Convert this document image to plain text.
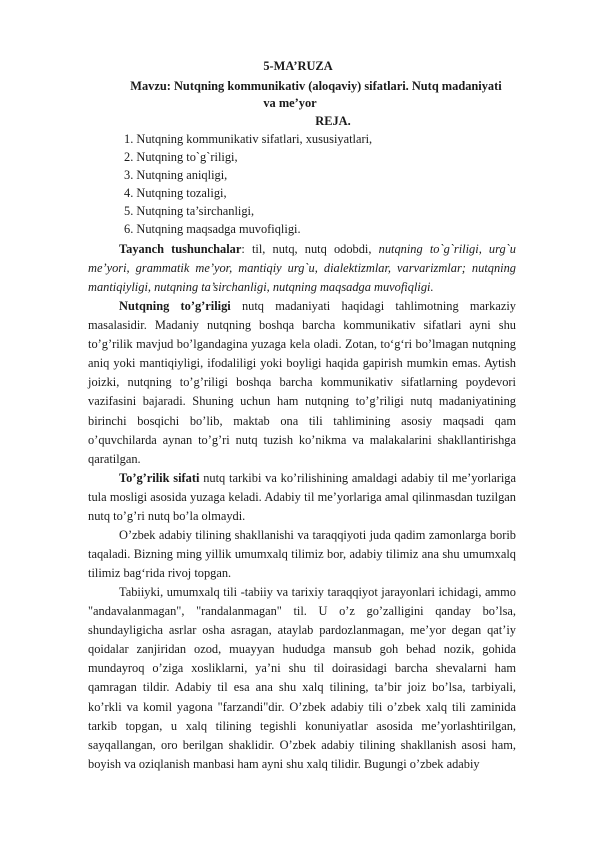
5-MA’RUZA
Mavzu: Nutqning kommunikativ (aloqaviy) sifatlari. Nutq madaniyati
va me’yor
REJA.
1. Nutqning kommunikativ sifatlari, xususiyatlari,
2. Nutqning to`g`riligi,
3. Nutqning aniqligi,
4. Nutqning tozaligi,
5. Nutqning ta’sirchanligi,
6. Nutqning maqsadga muvofiqligi.

Tayanch tushunchalar: til, nutq, nutq odobdi, nutqning to`g`riligi, urg`u me’yori, grammatik me’yor, mantiqiy urg`u, dialektizmlar, varvarizmlar; nutqning mantiqiyligi, nutqning ta’sirchanligi, nutqning maqsadga muvofiqligi.

Nutqning to’g’riligi nutq madaniyati haqidagi tahlimotning markaziy masalasidir. Madaniy nutqning boshqa barcha kommunikativ sifatlari ayni shu to’g’rilik mavjud bo’lgandagina yuzaga kela oladi. Zotan, to‘g‘ri bo’lmagan nutqning aniq yoki mantiqiyligi, ifodaliligi yoki boyligi haqida gapirish mumkin emas. Aytish joizki, nutqning to’g’riligi boshqa barcha kommunikativ sifatlarning poydevori vazifasini bajaradi. Shuning uchun ham nutqning to’g’riligi nutq madaniyatining birinchi bosqichi bo’lib, maktab ona tili tahlimining asosiy maqsadi qam o’quvchilarda aynan to’g’ri nutq tuzish ko’nikma va malakalarini shakllantirishga qaratilgan.

To’g’rilik sifati nutq tarkibi va ko’rilishining amaldagi adabiy til me’yorlariga tula mosligi asosida yuzaga keladi. Adabiy til me’yorlariga amal qilinmasdan tuzilgan nutq to’g’ri nutq bo’la olmaydi.

O’zbek adabiy tilining shakllanishi va taraqqiyoti juda qadim zamonlarga borib taqaladi. Bizning ming yillik umumxalq tilimiz bor, adabiy tilimiz ana shu umumxalq tilimiz bag‘rida rivoj topgan.

Tabiiyki, umumxalq tili -tabiiy va tarixiy taraqqiyot jarayonlari ichidagi, ammo "andavalanmagan", "randalanmagan" til. U o’z go’zalligini qanday bo’lsa, shundayligicha asrlar osha asragan, ataylab pardozlanmagan, me’yor degan qat’iy qoidalar zanjiridan ozod, muayyan hududga mansub goh behad nozik, gohida mundayroq o’ziga xosliklarni, ya’ni shu til doirasidagi barcha shevalarni ham qamragan tildir. Adabiy til esa ana shu xalq tilining, ta’bir joiz bo’lsa, tarbiyali, ko’rkli va komil yagona "farzandi"dir. O’zbek adabiy tili o’zbek xalq tili zaminida tarkib topgan, u xalq tilining tegishli konuniyatlar asosida me’yorlashtirilgan, sayqallangan, oro berilgan shaklidir. O’zbek adabiy tilining shakllanish asosi ham, boyish va oziqlanish manbasi ham ayni shu xalq tilidir. Bugungi o’zbek adabiy
